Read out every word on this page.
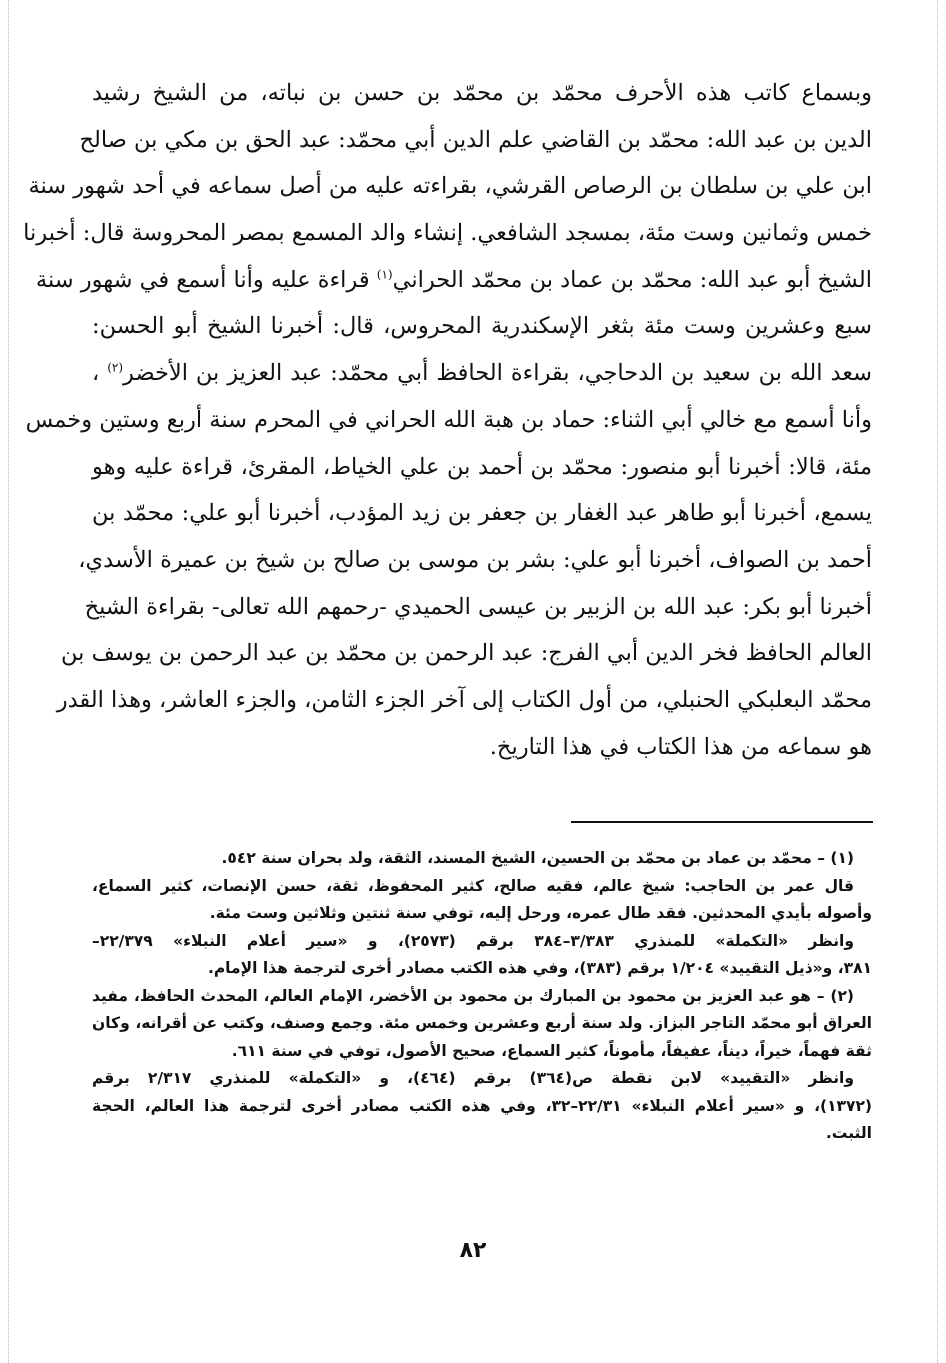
وبسماع كاتب هذه الأحرف محمّد بن محمّد بن حسن بن نباته، من الشيخ رشيد
الدين بن عبد الله: محمّد بن القاضي علم الدين أبي محمّد: عبد الحق بن مكي بن صالح
ابن علي بن سلطان بن الرصاص القرشي، بقراءته عليه من أصل سماعه في أحد شهور سنة
خمس وثمانين وست مئة، بمسجد الشافعي. إنشاء والد المسمع بمصر المحروسة قال: أخبرنا
الشيخ أبو عبد الله: محمّد بن عماد بن محمّد الحراني$^{(١)}$ قراءة عليه وأنا أسمع في شهور سنة
سبع وعشرين وست مئة بثغر الإسكندرية المحروس، قال: أخبرنا الشيخ أبو الحسن:
سعد الله بن سعيد بن الدحاجي، بقراءة الحافظ أبي محمّد: عبد العزيز بن الأخضر$^{(٢)}$ ،
وأنا أسمع مع خالي أبي الثناء: حماد بن هبة الله الحراني في المحرم سنة أربع وستين وخمس
مئة، قالا: أخبرنا أبو منصور: محمّد بن أحمد بن علي الخياط، المقرئ، قراءة عليه وهو
يسمع، أخبرنا أبو طاهر عبد الغفار بن جعفر بن زيد المؤدب، أخبرنا أبو علي: محمّد بن
أحمد بن الصواف، أخبرنا أبو علي: بشر بن موسى بن صالح بن شيخ بن عميرة الأسدي،
أخبرنا أبو بكر: عبد الله بن الزبير بن عيسى الحميدي -رحمهم الله تعالى- بقراءة الشيخ
العالم الحافظ فخر الدين أبي الفرج: عبد الرحمن بن محمّد بن عبد الرحمن بن يوسف بن
محمّد البعلبكي الحنبلي، من أول الكتاب إلى آخر الجزء الثامن، والجزء العاشر، وهذا القدر
هو سماعه من هذا الكتاب في هذا التاريخ.
(١) – محمّد بن عماد بن محمّد بن الحسين، الشيخ المسند، الثقة، ولد بحران سنة ٥٤٢.
قال عمر بن الحاجب: شيخ عالم، فقيه صالح، كثير المحفوظ، ثقة، حسن الإنصات، كثير السماع،
وأصوله بأيدي المحدثين. فقد طال عمره، ورحل إليه، توفي سنة ثنتين وثلاثين وست مئة.
وانظر «التكملة» للمنذري ٣/٣٨٣–٣٨٤ برقم (٢٥٧٣)، و «سير أعلام النبلاء» ٢٢/٣٧٩–
٣٨١، و«ذيل التقييد» ١/٢٠٤ برقم (٣٨٣)، وفي هذه الكتب مصادر أخرى لترجمة هذا الإمام.
(٢) – هو عبد العزيز بن محمود بن المبارك بن محمود بن الأخضر، الإمام العالم، المحدث الحافظ، مفيد
العراق أبو محمّد التاجر البزاز. ولد سنة أربع وعشرين وخمس مئة. وجمع وصنف، وكتب عن أقرانه، وكان
ثقة فهماً، خيراً، ديناً، عفيفاً، مأموناً، كثير السماع، صحيح الأصول، توفي في سنة ٦١١.
وانظر «التقييد» لابن نقطة ص(٣٦٤) برقم (٤٦٤)، و «التكملة» للمنذري ٢/٣١٧ برقم
(١٣٧٢)، و «سير أعلام النبلاء» ٢٢/٣١–٣٢، وفي هذه الكتب مصادر أخرى لترجمة هذا العالم، الحجة
الثبت.
٨٢
